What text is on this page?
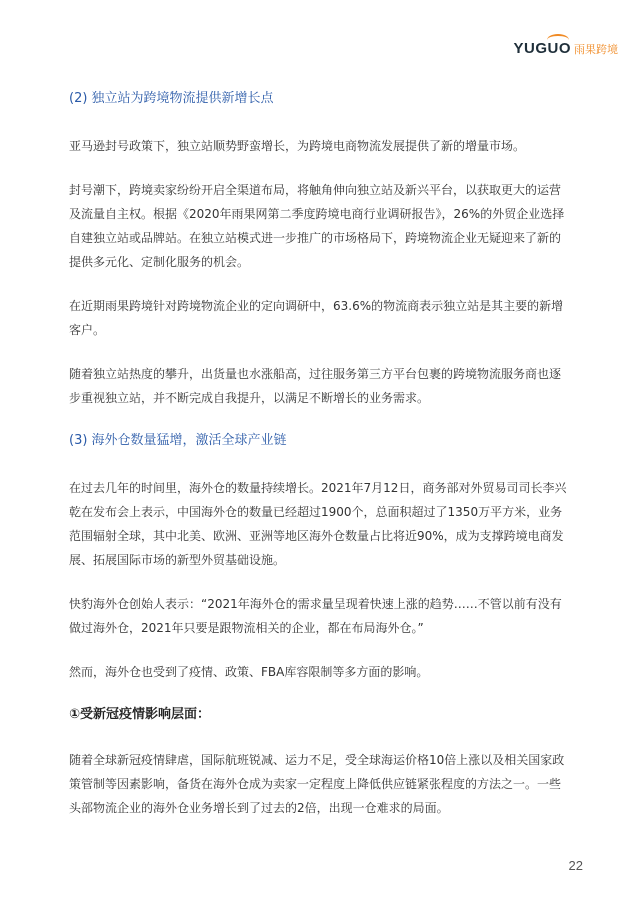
YUGUO 雨果跨境

(2) 独立站为跨境物流提供新增长点

亚马逊封号政策下，独立站顺势野蛮增长，为跨境电商物流发展提供了新的增量市场。

封号潮下，跨境卖家纷纷开启全渠道布局，将触角伸向独立站及新兴平台，以获取更大的运营及流量自主权。根据《2020年雨果网第二季度跨境电商行业调研报告》，26%的外贸企业选择自建独立站或品牌站。在独立站模式进一步推广的市场格局下，跨境物流企业无疑迎来了新的提供多元化、定制化服务的机会。

在近期雨果跨境针对跨境物流企业的定向调研中，63.6%的物流商表示独立站是其主要的新增客户。

随着独立站热度的攀升，出货量也水涨船高，过往服务第三方平台包裹的跨境物流服务商也逐步重视独立站，并不断完成自我提升，以满足不断增长的业务需求。

(3) 海外仓数量猛增，激活全球产业链

在过去几年的时间里，海外仓的数量持续增长。2021年7月12日，商务部对外贸易司司长李兴乾在发布会上表示，中国海外仓的数量已经超过1900个，总面积超过了1350万平方米，业务范围辐射全球，其中北美、欧洲、亚洲等地区海外仓数量占比将近90%，成为支撑跨境电商发展、拓展国际市场的新型外贸基础设施。

快豹海外仓创始人表示：“2021年海外仓的需求量呈现着快速上涨的趋势……不管以前有没有做过海外仓，2021年只要是跟物流相关的企业，都在布局海外仓。”

然而，海外仓也受到了疫情、政策、FBA库容限制等多方面的影响。

①受新冠疫情影响层面：

随着全球新冠疫情肆虐，国际航班锐减、运力不足，受全球海运价格10倍上涨以及相关国家政策管制等因素影响，备货在海外仓成为卖家一定程度上降低供应链紧张程度的方法之一。一些头部物流企业的海外仓业务增长到了过去的2倍，出现一仓难求的局面。

22
